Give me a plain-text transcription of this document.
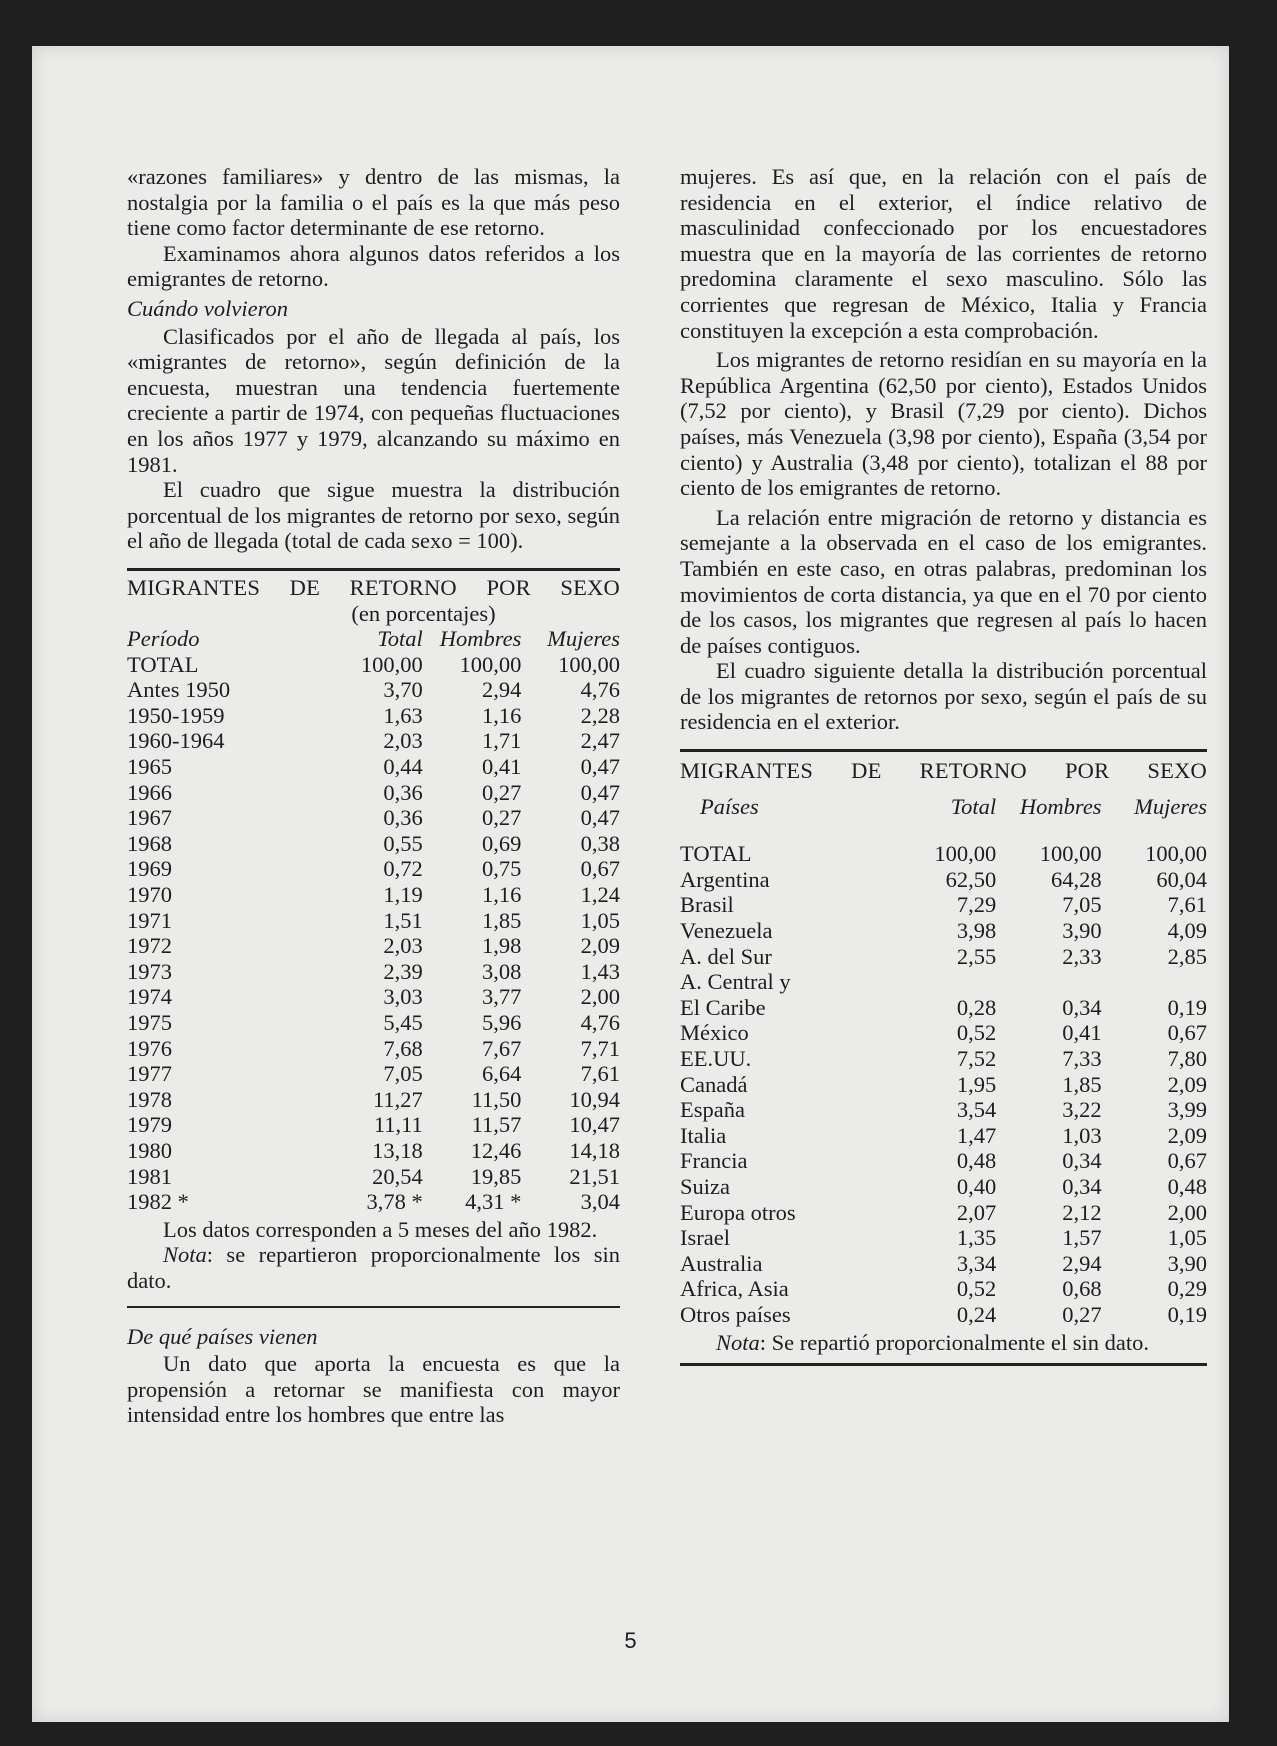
«razones familiares» y dentro de las mismas, la nostalgia por la familia o el país es la que más peso tiene como factor determinante de ese retorno.

Examinamos ahora algunos datos referidos a los emigrantes de retorno.

Cuándo volvieron

Clasificados por el año de llegada al país, los «migrantes de retorno», según definición de la encuesta, muestran una tendencia fuertemente creciente a partir de 1974, con pequeñas fluctuaciones en los años 1977 y 1979, alcanzando su máximo en 1981.

El cuadro que sigue muestra la distribución porcentual de los migrantes de retorno por sexo, según el año de llegada (total de cada sexo = 100).

MIGRANTES DE RETORNO POR SEXO
(en porcentajes)
Período	Total	Hombres	Mujeres
TOTAL	100,00	100,00	100,00
Antes 1950	3,70	2,94	4,76
1950-1959	1,63	1,16	2,28
1960-1964	2,03	1,71	2,47
1965	0,44	0,41	0,47
1966	0,36	0,27	0,47
1967	0,36	0,27	0,47
1968	0,55	0,69	0,38
1969	0,72	0,75	0,67
1970	1,19	1,16	1,24
1971	1,51	1,85	1,05
1972	2,03	1,98	2,09
1973	2,39	3,08	1,43
1974	3,03	3,77	2,00
1975	5,45	5,96	4,76
1976	7,68	7,67	7,71
1977	7,05	6,64	7,61
1978	11,27	11,50	10,94
1979	11,11	11,57	10,47
1980	13,18	12,46	14,18
1981	20,54	19,85	21,51
1982 *	3,78 *	4,31 *	3,04

Los datos corresponden a 5 meses del año 1982.

Nota: se repartieron proporcionalmente los sin dato.

De qué países vienen

Un dato que aporta la encuesta es que la propensión a retornar se manifiesta con mayor intensidad entre los hombres que entre las

mujeres. Es así que, en la relación con el país de residencia en el exterior, el índice relativo de masculinidad confeccionado por los encuestadores muestra que en la mayoría de las corrientes de retorno predomina claramente el sexo masculino. Sólo las corrientes que regresan de México, Italia y Francia constituyen la excepción a esta comprobación.

Los migrantes de retorno residían en su mayoría en la República Argentina (62,50 por ciento), Estados Unidos (7,52 por ciento), y Brasil (7,29 por ciento). Dichos países, más Venezuela (3,98 por ciento), España (3,54 por ciento) y Australia (3,48 por ciento), totalizan el 88 por ciento de los emigrantes de retorno.

La relación entre migración de retorno y distancia es semejante a la observada en el caso de los emigrantes. También en este caso, en otras palabras, predominan los movimientos de corta distancia, ya que en el 70 por ciento de los casos, los migrantes que regresen al país lo hacen de países contiguos.

El cuadro siguiente detalla la distribución porcentual de los migrantes de retornos por sexo, según el país de su residencia en el exterior.

MIGRANTES DE RETORNO POR SEXO
Países	Total	Hombres	Mujeres

TOTAL	100,00	100,00	100,00
Argentina	62,50	64,28	60,04
Brasil	7,29	7,05	7,61
Venezuela	3,98	3,90	4,09
A. del Sur	2,55	2,33	2,85
A. Central y			
El Caribe	0,28	0,34	0,19
México	0,52	0,41	0,67
EE.UU.	7,52	7,33	7,80
Canadá	1,95	1,85	2,09
España	3,54	3,22	3,99
Italia	1,47	1,03	2,09
Francia	0,48	0,34	0,67
Suiza	0,40	0,34	0,48
Europa otros	2,07	2,12	2,00
Israel	1,35	1,57	1,05
Australia	3,34	2,94	3,90
Africa, Asia	0,52	0,68	0,29
Otros países	0,24	0,27	0,19

Nota: Se repartió proporcionalmente el sin dato.

5
